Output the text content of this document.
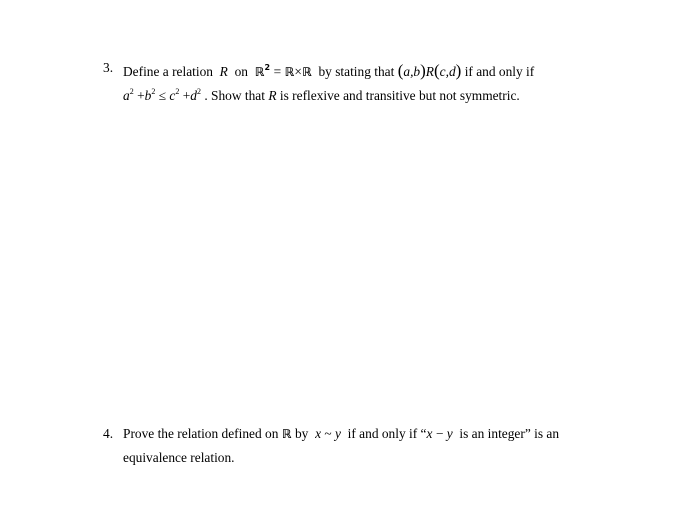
3. Define a relation R on ℝ$^2$ = ℝ×ℝ by stating that (a,b)R(c,d) if and only if
$a^2 +b^2 \le c^2 +d^2$ . Show that R is reflexive and transitive but not symmetric.
4. Prove the relation defined on ℝ by x ~ y if and only if “x − y is an integer” is an
equivalence relation.
